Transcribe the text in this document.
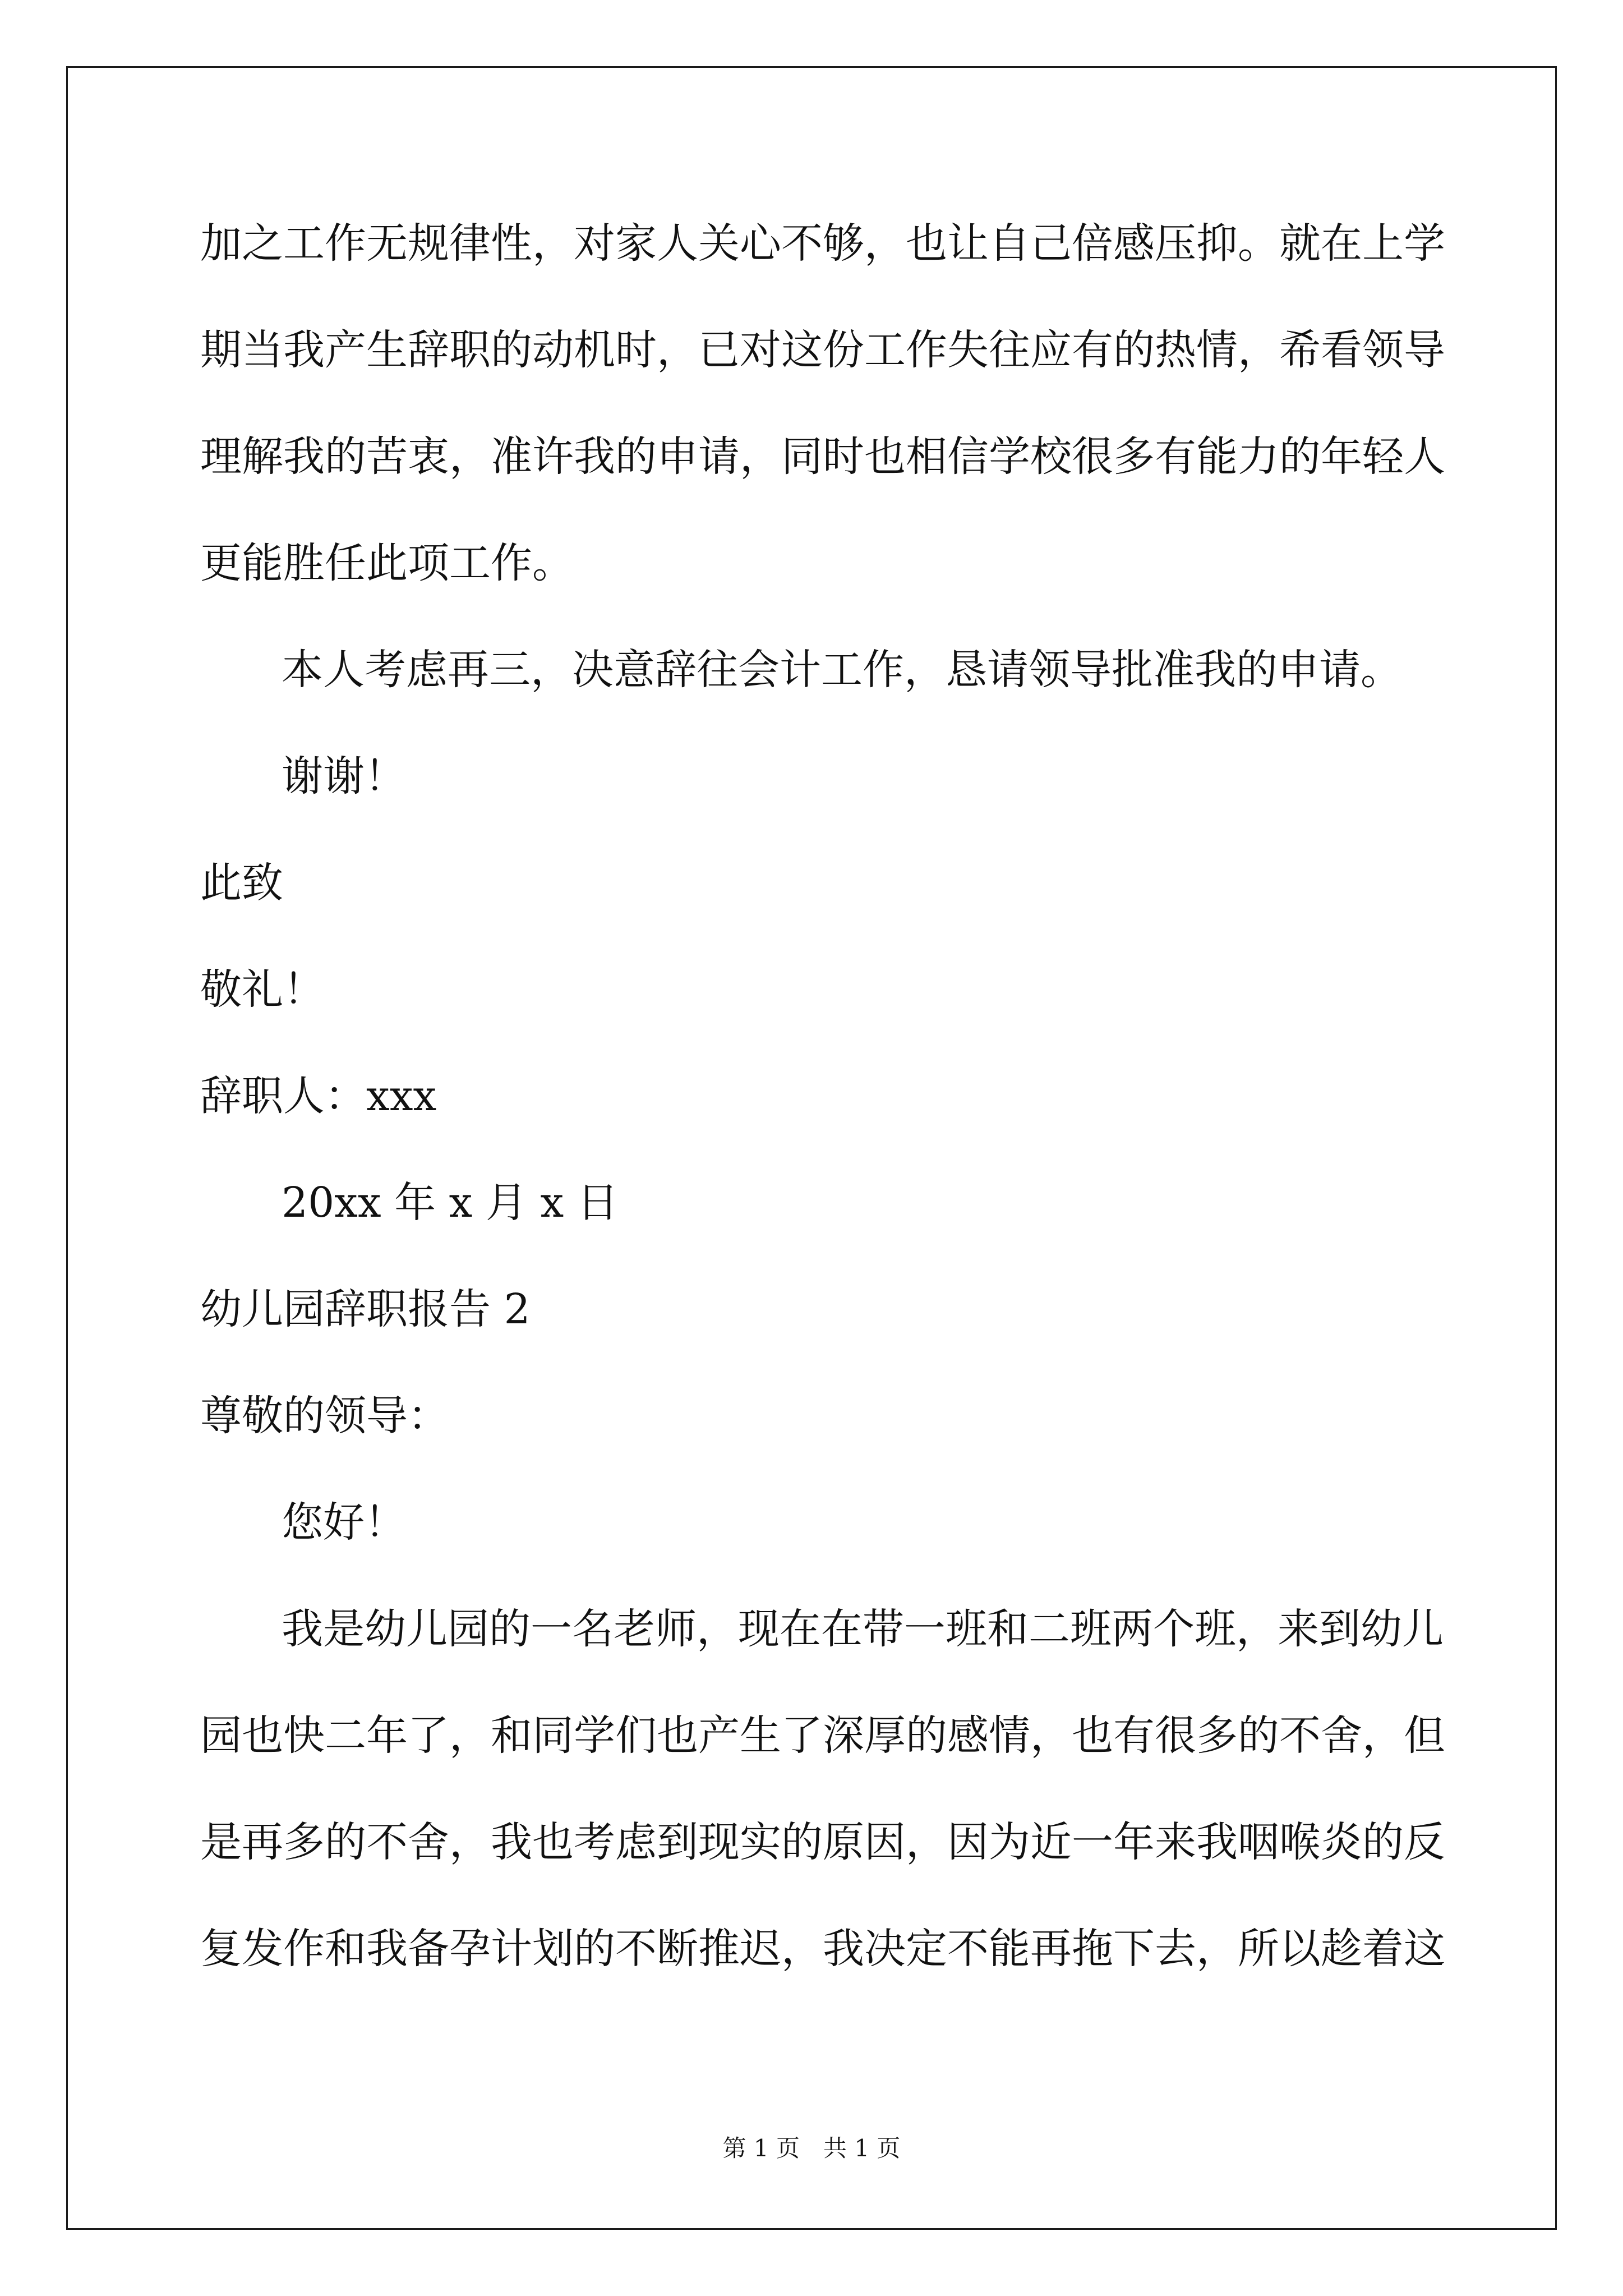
加之工作无规律性，对家人关心不够，也让自己倍感压抑。就在上学
期当我产生辞职的动机时，已对这份工作失往应有的热情，希看领导
理解我的苦衷，准许我的申请，同时也相信学校很多有能力的年轻人
更能胜任此项工作。
本人考虑再三，决意辞往会计工作，恳请领导批准我的申请。
谢谢！
此致
敬礼！
辞职人：xxx
20xx 年 x 月 x 日
幼儿园辞职报告 2
尊敬的领导：
您好！
我是幼儿园的一名老师，现在在带一班和二班两个班，来到幼儿
园也快二年了，和同学们也产生了深厚的感情，也有很多的不舍，但
是再多的不舍，我也考虑到现实的原因，因为近一年来我咽喉炎的反
复发作和我备孕计划的不断推迟，我决定不能再拖下去，所以趁着这
第 1 页　共 1 页
